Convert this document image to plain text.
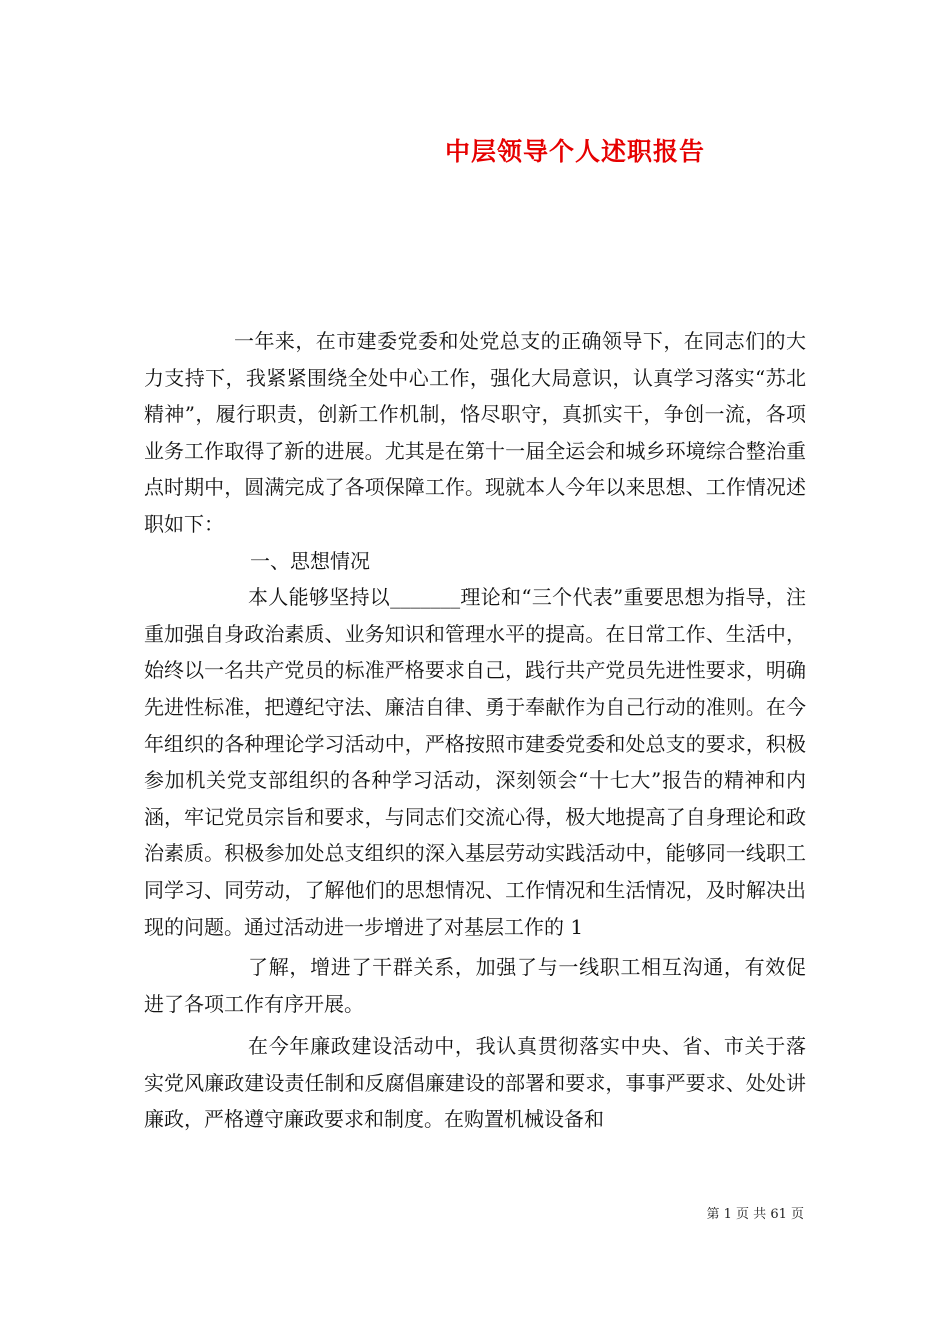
中层领导个人述职报告

一年来，在市建委党委和处党总支的正确领导下，在同志们的大力支持下，我紧紧围绕全处中心工作，强化大局意识，认真学习落实“苏北精神”，履行职责，创新工作机制，恪尽职守，真抓实干，争创一流，各项业务工作取得了新的进展。尤其是在第十一届全运会和城乡环境综合整治重点时期中，圆满完成了各项保障工作。现就本人今年以来思想、工作情况述职如下：

一、思想情况

本人能够坚持以_______理论和“三个代表”重要思想为指导，注重加强自身政治素质、业务知识和管理水平的提高。在日常工作、生活中，始终以一名共产党员的标准严格要求自己，践行共产党员先进性要求，明确先进性标准，把遵纪守法、廉洁自律、勇于奉献作为自己行动的准则。在今年组织的各种理论学习活动中，严格按照市建委党委和处总支的要求，积极参加机关党支部组织的各种学习活动，深刻领会“十七大”报告的精神和内涵，牢记党员宗旨和要求，与同志们交流心得，极大地提高了自身理论和政治素质。积极参加处总支组织的深入基层劳动实践活动中，能够同一线职工同学习、同劳动，了解他们的思想情况、工作情况和生活情况，及时解决出现的问题。通过活动进一步增进了对基层工作的 1

了解，增进了干群关系，加强了与一线职工相互沟通，有效促进了各项工作有序开展。

在今年廉政建设活动中，我认真贯彻落实中央、省、市关于落实党风廉政建设责任制和反腐倡廉建设的部署和要求，事事严要求、处处讲廉政，严格遵守廉政要求和制度。在购置机械设备和

第 1 页 共 61 页
